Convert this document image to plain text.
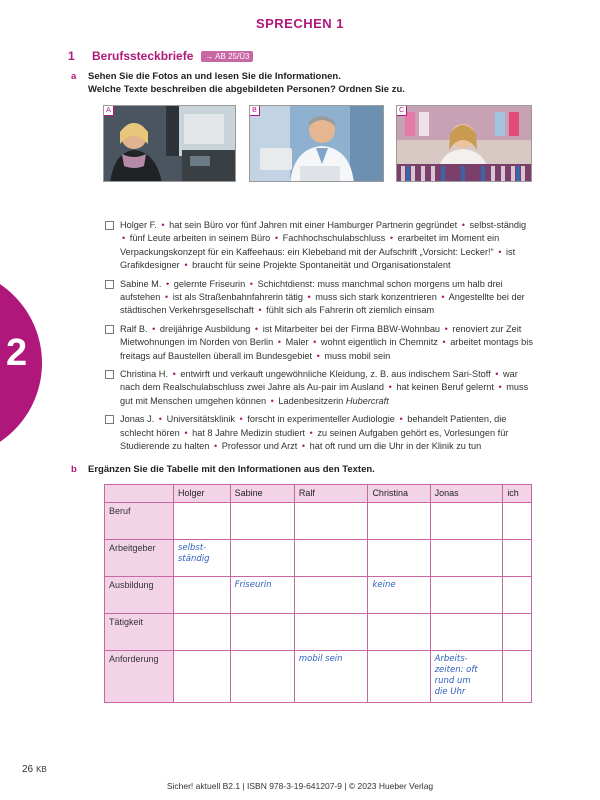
2
SPRECHEN 1
1	Berufssteckbriefe	→ AB 25/Ü3
a Sehen Sie die Fotos an und lesen Sie die Informationen.
Welche Texte beschreiben die abgebildeten Personen? Ordnen Sie zu.
A	B	C
Holger F. • hat sein Büro vor fünf Jahren mit einer Hamburger Partnerin gegründet • selbst-ständig • fünf Leute arbeiten in seinem Büro • Fachhochschulabschluss • erarbeitet im Moment ein Verpackungskonzept für ein Kaffeehaus: ein Klebeband mit der Aufschrift „Vorsicht: Lecker!“ • ist Grafikdesigner • braucht für seine Projekte Spontaneität und Organisationstalent
Sabine M. • gelernte Friseurin • Schichtdienst: muss manchmal schon morgens um halb drei aufstehen • ist als Straßenbahnfahrerin tätig • muss sich stark konzentrieren • Angestellte bei der städtischen Verkehrsgesellschaft • fühlt sich als Fahrerin oft ziemlich einsam
Ralf B. • dreijährige Ausbildung • ist Mitarbeiter bei der Firma BBW-Wohnbau • renoviert zur Zeit Mietwohnungen im Norden von Berlin • Maler • wohnt eigentlich in Chemnitz • arbeitet montags bis freitags auf Baustellen überall im Bundesgebiet • muss mobil sein
Christina H. • entwirft und verkauft ungewöhnliche Kleidung, z. B. aus indischem Sari-Stoff • war nach dem Realschulabschluss zwei Jahre als Au-pair im Ausland • hat keinen Beruf gelernt • muss gut mit Menschen umgehen können • Ladenbesitzerin Hubercraft
Jonas J. • Universitätsklinik • forscht in experimenteller Audiologie • behandelt Patienten, die schlecht hören • hat 8 Jahre Medizin studiert • zu seinen Aufgaben gehört es, Vorlesungen für Studierende zu halten • Professor und Arzt • hat oft rund um die Uhr in der Klinik zu tun
b Ergänzen Sie die Tabelle mit den Informationen aus den Texten.
	Holger	Sabine	Ralf	Christina	Jonas	ich
Beruf	

Arbeitgeber	selbst-
ständig					

Ausbildung		Friseurin		keine		

Tätigkeit	

Anforderung			mobil sein		Arbeits-
zeiten: oft
rund um
die Uhr	

26 KB
Sicher! aktuell B2.1 | ISBN 978-3-19-641207-9 | © 2023 Hueber Verlag
